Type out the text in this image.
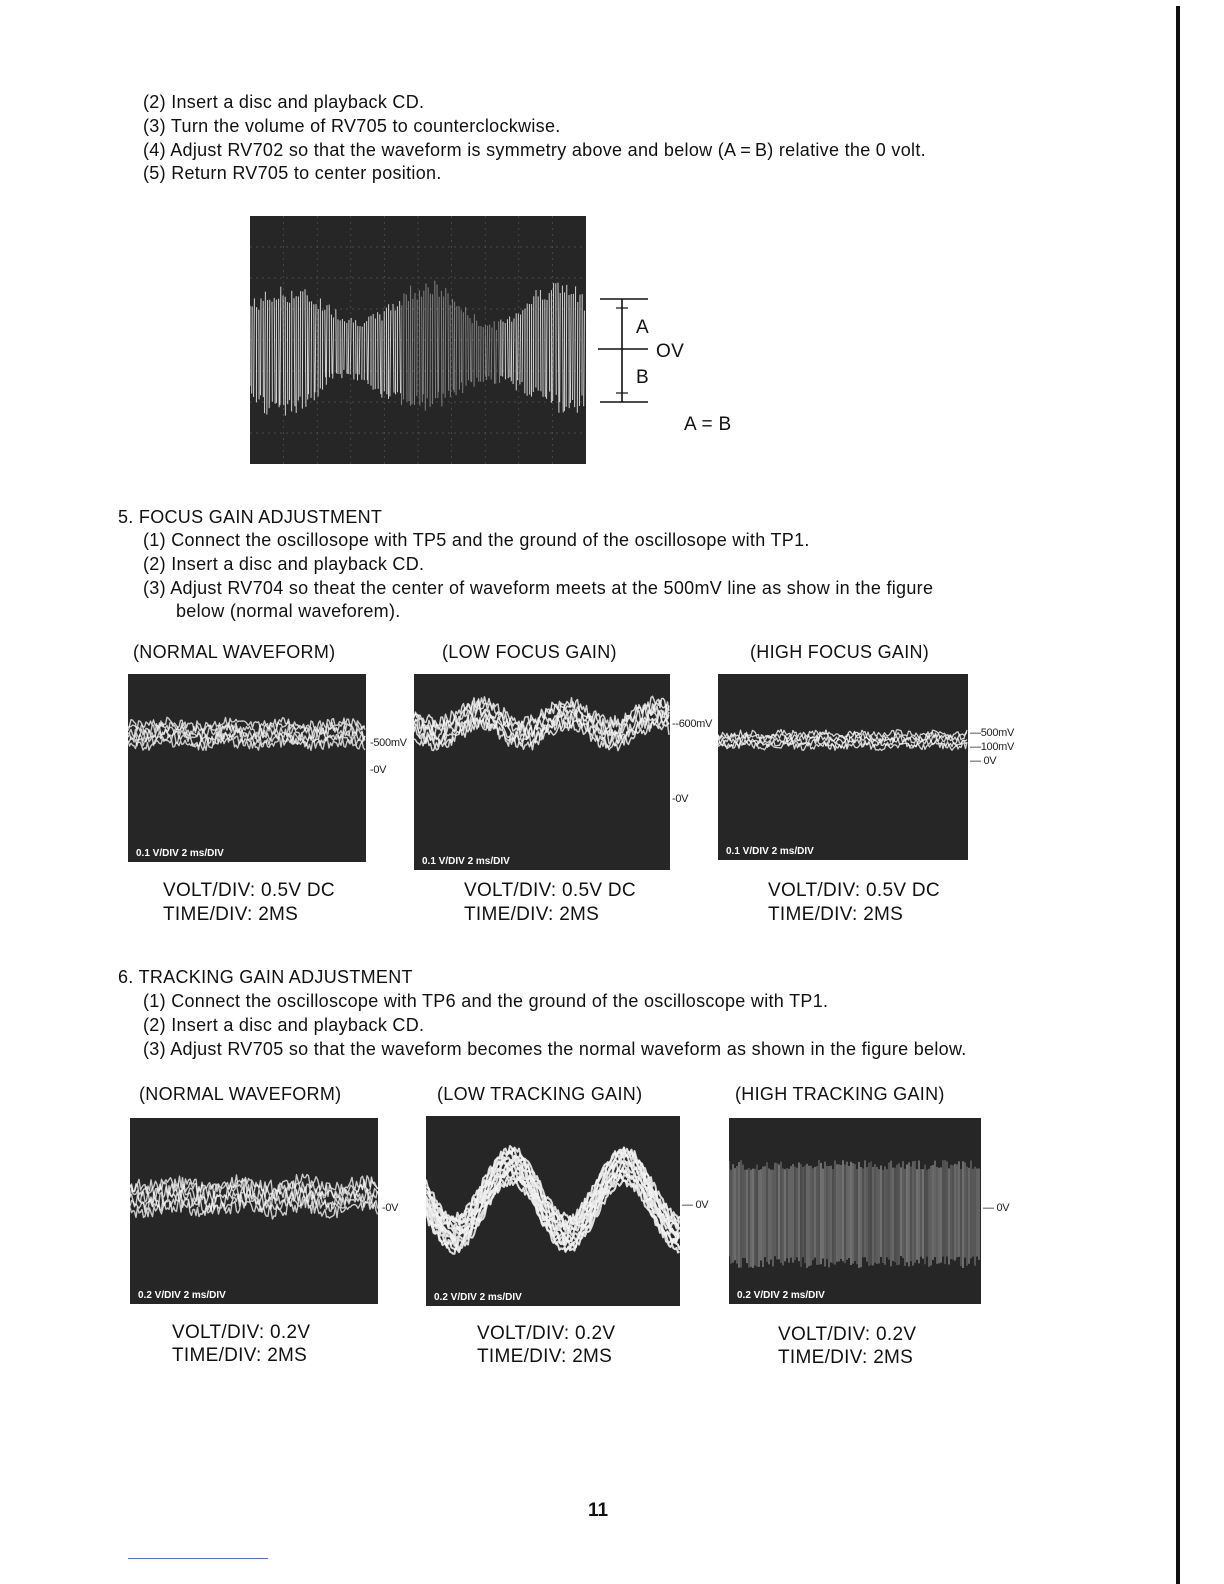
(2) Insert a disc and playback CD.
(3) Turn the volume of RV705 to counterclockwise.
(4) Adjust RV702 so that the waveform is symmetry above and below (A = B) relative the 0 volt.
(5) Return RV705 to center position.
A
OV
B
A = B
5. FOCUS GAIN ADJUSTMENT
(1) Connect the oscillosope with TP5 and the ground of the oscillosope with TP1.
(2) Insert a disc and playback CD.
(3) Adjust RV704 so theat the center of waveform meets at the 500mV line as show in the figure
below (normal waveforem).
(NORMAL WAVEFORM)	(LOW FOCUS GAIN)	(HIGH FOCUS GAIN)
0.1 V/DIV 2 ms/DIV
-500mV
-0V
0.1 V/DIV 2 ms/DIV
--600mV
-0V
0.1 V/DIV 2 ms/DIV
—500mV
—100mV
— 0V
VOLT/DIV: 0.5V DC
TIME/DIV: 2MS
VOLT/DIV: 0.5V DC
TIME/DIV: 2MS
VOLT/DIV: 0.5V DC
TIME/DIV: 2MS
6. TRACKING GAIN ADJUSTMENT
(1) Connect the oscilloscope with TP6 and the ground of the oscilloscope with TP1.
(2) Insert a disc and playback CD.
(3) Adjust RV705 so that the waveform becomes the normal waveform as shown in the figure below.
(NORMAL WAVEFORM)	(LOW TRACKING GAIN)	(HIGH TRACKING GAIN)
0.2 V/DIV 2 ms/DIV
-0V
0.2 V/DIV 2 ms/DIV
— 0V
0.2 V/DIV 2 ms/DIV
— 0V
VOLT/DIV: 0.2V
TIME/DIV: 2MS
VOLT/DIV: 0.2V
TIME/DIV: 2MS
VOLT/DIV: 0.2V
TIME/DIV: 2MS
11
